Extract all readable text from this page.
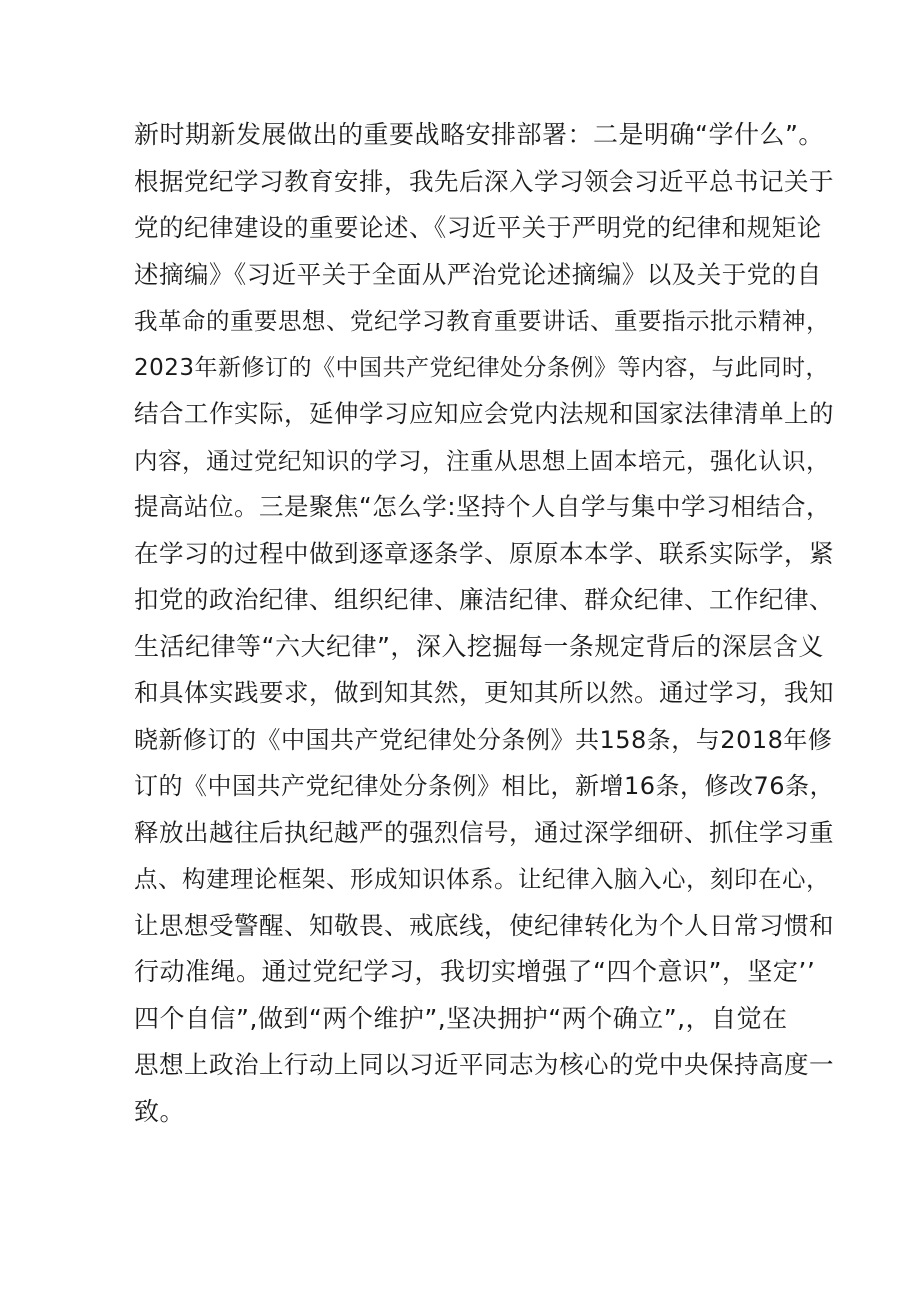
新时期新发展做出的重要战略安排部署：二是明确“学什么”。
根据党纪学习教育安排，我先后深入学习领会习近平总书记关于
党的纪律建设的重要论述、《习近平关于严明党的纪律和规矩论
述摘编》《习近平关于全面从严治党论述摘编》以及关于党的自
我革命的重要思想、党纪学习教育重要讲话、重要指示批示精神，
2023年新修订的《中国共产党纪律处分条例》等内容，与此同时，
结合工作实际，延伸学习应知应会党内法规和国家法律清单上的
内容，通过党纪知识的学习，注重从思想上固本培元，强化认识，
提高站位。三是聚焦“怎么学:坚持个人自学与集中学习相结合，
在学习的过程中做到逐章逐条学、原原本本学、联系实际学，紧
扣党的政治纪律、组织纪律、廉洁纪律、群众纪律、工作纪律、
生活纪律等“六大纪律”，深入挖掘每一条规定背后的深层含义
和具体实践要求，做到知其然，更知其所以然。通过学习，我知
晓新修订的《中国共产党纪律处分条例》共158条，与2018年修
订的《中国共产党纪律处分条例》相比，新增16条，修改76条，
释放出越往后执纪越严的强烈信号，通过深学细研、抓住学习重
点、构建理论框架、形成知识体系。让纪律入脑入心，刻印在心，
让思想受警醒、知敬畏、戒底线，使纪律转化为个人日常习惯和
行动准绳。通过党纪学习，我切实增强了“四个意识”，坚定’’
四个自信”,做到“两个维护”,坚决拥护“两个确立”,，自觉在
思想上政治上行动上同以习近平同志为核心的党中央保持高度一
致。
